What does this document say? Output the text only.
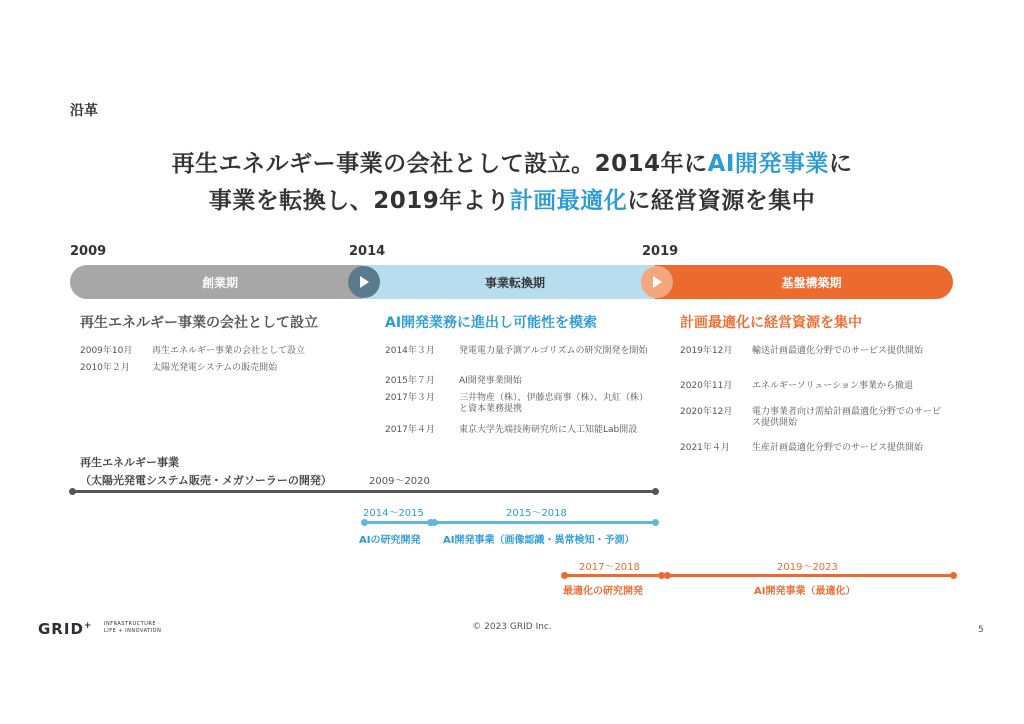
沿革
再生エネルギー事業の会社として設立。2014年にAI開発事業に
事業を転換し、2019年より計画最適化に経営資源を集中
2009	2014	2019
創業期	事業転換期	基盤構築期
再生エネルギー事業の会社として設立	AI開発業務に進出し可能性を模索	計画最適化に経営資源を集中
2009年10月	再生エネルギー事業の会社として設立
2010年２月	太陽光発電システムの販売開始
2014年３月	発電電力量予測アルゴリズムの研究開発を開始
2015年７月	AI開発事業開始
2017年３月	三井物産（株）、伊藤忠商事（株）、丸紅（株）と資本業務提携
2017年４月	東京大学先端技術研究所に人工知能Lab開設
2019年12月	輸送計画最適化分野でのサービス提供開始
2020年11月	エネルギーソリューション事業から撤退
2020年12月	電力事業者向け需給計画最適化分野でのサービス提供開始
2021年４月	生産計画最適化分野でのサービス提供開始
再生エネルギー事業
（太陽光発電システム販売・メガソーラーの開発）	2009〜2020
2014〜2015	2015〜2018
AIの研究開発 AI開発事業（画像認識・異常検知・予測）
2017〜2018	2019〜2023
最適化の研究開発	AI開発事業（最適化）
GRID+ INFRASTRUCTURE ·
LIFE + INNOVATION	© 2023 GRID Inc.	5
